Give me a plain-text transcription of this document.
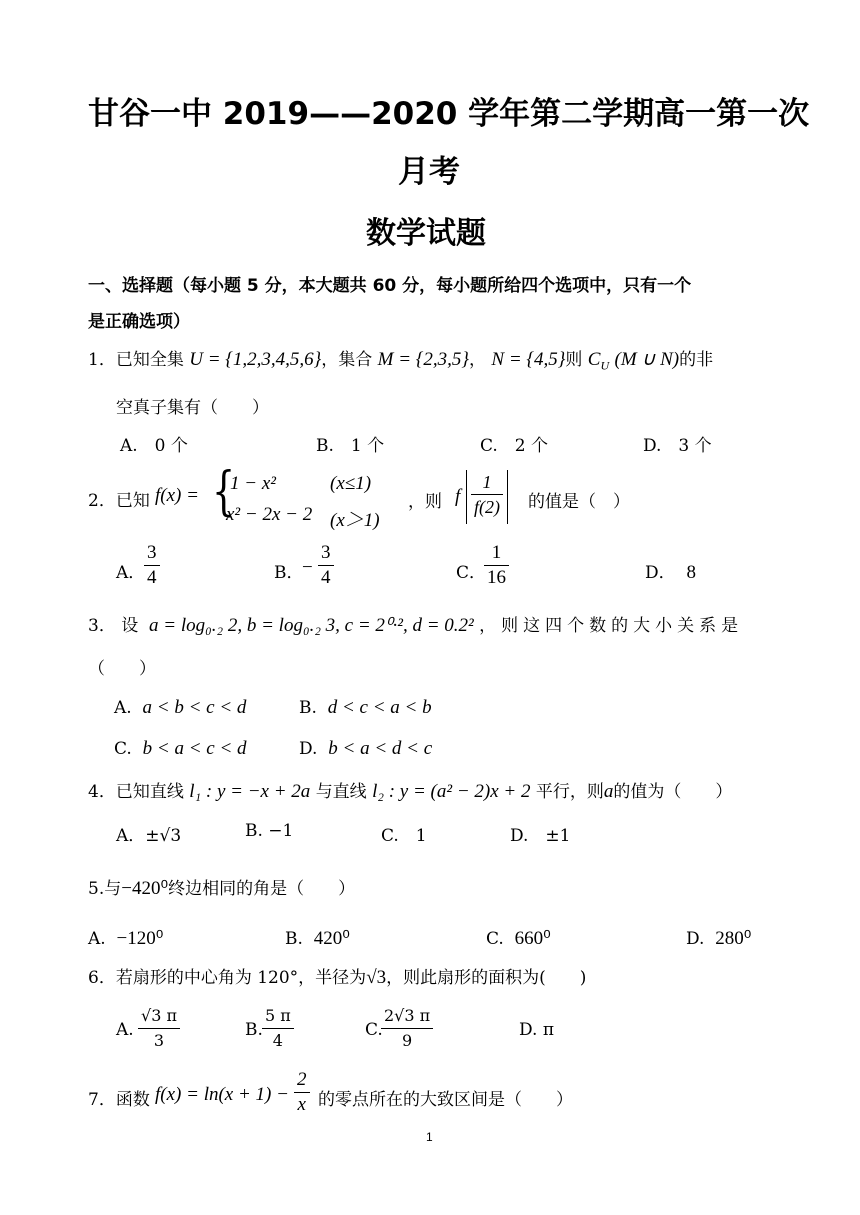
甘谷一中 2019——2020 学年第二学期高一第一次
月考
数学试题
一、选择题（每小题 5 分，本大题共 60 分，每小题所给四个选项中，只有一个
是正确选项）
1．已知全集 U = {1,2,3,4,5,6}，集合 M = {2,3,5}， N = {4,5}则 $C_U$ (M ∪ N)的非
空真子集有（　　）
A.　0 个	B.　1 个	C.　2 个	D.　3 个
2．已知 f(x) = {
1 − x²	(x≤1)
x² − 2x − 2 (x＞1)
，则 f $\frac{1}{f(2)}$ 的值是（　）
A．
$\frac{3}{4}$	B．
− $\frac{3}{4}$	C．
$\frac{1}{16}$	D． 8
3． 设 a = log₀.₂ 2, b = log₀.₂ 3, c = 2⁰·², d = 0.2² ，则这四个数的大小关系是
（　　）
A. a < b < c < d	B. d < c < a < b
C. b < a < c < d	D. b < a < d < c
4．已知直线 l₁ : y = −x + 2a 与直线 l₂ : y = (a² − 2)x + 2 平行，则a的值为（　　）
A．±√3	B. −1	C.　1	D.　±1
5.与−420⁰终边相同的角是（　　）
A. −120⁰	B. 420⁰	C. 660⁰	D. 280⁰
6．若扇形的中心角为 120°，半径为√3，则此扇形的面积为(　　)
A. $\frac{√3 \pi}{3}$	B. $\frac{5 \pi}{4}$	C.
$\frac{2√3 \pi}{9}$	D. π
7．函数 $f(x) = \ln(x + 1) - \frac{2}{x}$ 的零点所在的大致区间是（　　）
1
